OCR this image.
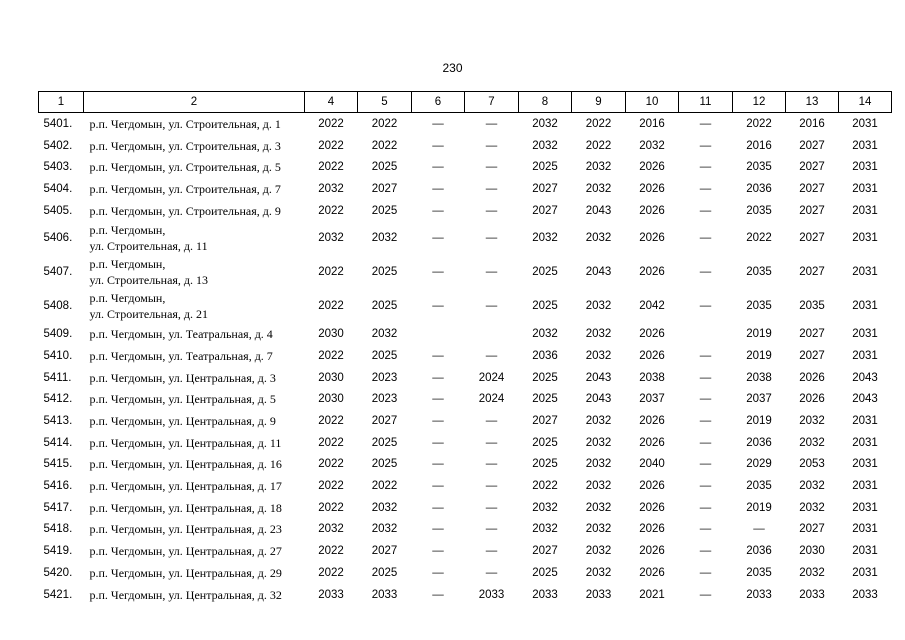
230
1	2	4	5	6	7	8	9	10	11	12	13	14
5401.	р.п. Чегдомын, ул. Строительная, д. 1	2022	2022	—	—	2032	2022	2016	—	2022	2016	2031
5402.	р.п. Чегдомын, ул. Строительная, д. 3	2022	2022	—	—	2032	2022	2032	—	2016	2027	2031
5403.	р.п. Чегдомын, ул. Строительная, д. 5	2022	2025	—	—	2025	2032	2026	—	2035	2027	2031
5404.	р.п. Чегдомын, ул. Строительная, д. 7	2032	2027	—	—	2027	2032	2026	—	2036	2027	2031
5405.	р.п. Чегдомын, ул. Строительная, д. 9	2022	2025	—	—	2027	2043	2026	—	2035	2027	2031
5406.	р.п. Чегдомын,
ул. Строительная, д. 11	2032	2032	—	—	2032	2032	2026	—	2022	2027	2031
5407.	р.п. Чегдомын,
ул. Строительная, д. 13	2022	2025	—	—	2025	2043	2026	—	2035	2027	2031
5408.	р.п. Чегдомын,
ул. Строительная, д. 21	2022	2025	—	—	2025	2032	2042	—	2035	2035	2031
5409.	р.п. Чегдомын, ул. Театральная, д. 4	2030	2032			2032	2032	2026		2019	2027	2031
5410.	р.п. Чегдомын, ул. Театральная, д. 7	2022	2025	—	—	2036	2032	2026	—	2019	2027	2031
5411.	р.п. Чегдомын, ул. Центральная, д. 3	2030	2023	—	2024	2025	2043	2038	—	2038	2026	2043
5412.	р.п. Чегдомын, ул. Центральная, д. 5	2030	2023	—	2024	2025	2043	2037	—	2037	2026	2043
5413.	р.п. Чегдомын, ул. Центральная, д. 9	2022	2027	—	—	2027	2032	2026	—	2019	2032	2031
5414.	р.п. Чегдомын, ул. Центральная, д. 11	2022	2025	—	—	2025	2032	2026	—	2036	2032	2031
5415.	р.п. Чегдомын, ул. Центральная, д. 16	2022	2025	—	—	2025	2032	2040	—	2029	2053	2031
5416.	р.п. Чегдомын, ул. Центральная, д. 17	2022	2022	—	—	2022	2032	2026	—	2035	2032	2031
5417.	р.п. Чегдомын, ул. Центральная, д. 18	2022	2032	—	—	2032	2032	2026	—	2019	2032	2031
5418.	р.п. Чегдомын, ул. Центральная, д. 23	2032	2032	—	—	2032	2032	2026	—	—	2027	2031
5419.	р.п. Чегдомын, ул. Центральная, д. 27	2022	2027	—	—	2027	2032	2026	—	2036	2030	2031
5420.	р.п. Чегдомын, ул. Центральная, д. 29	2022	2025	—	—	2025	2032	2026	—	2035	2032	2031
5421.	р.п. Чегдомын, ул. Центральная, д. 32	2033	2033	—	2033	2033	2033	2021	—	2033	2033	2033
